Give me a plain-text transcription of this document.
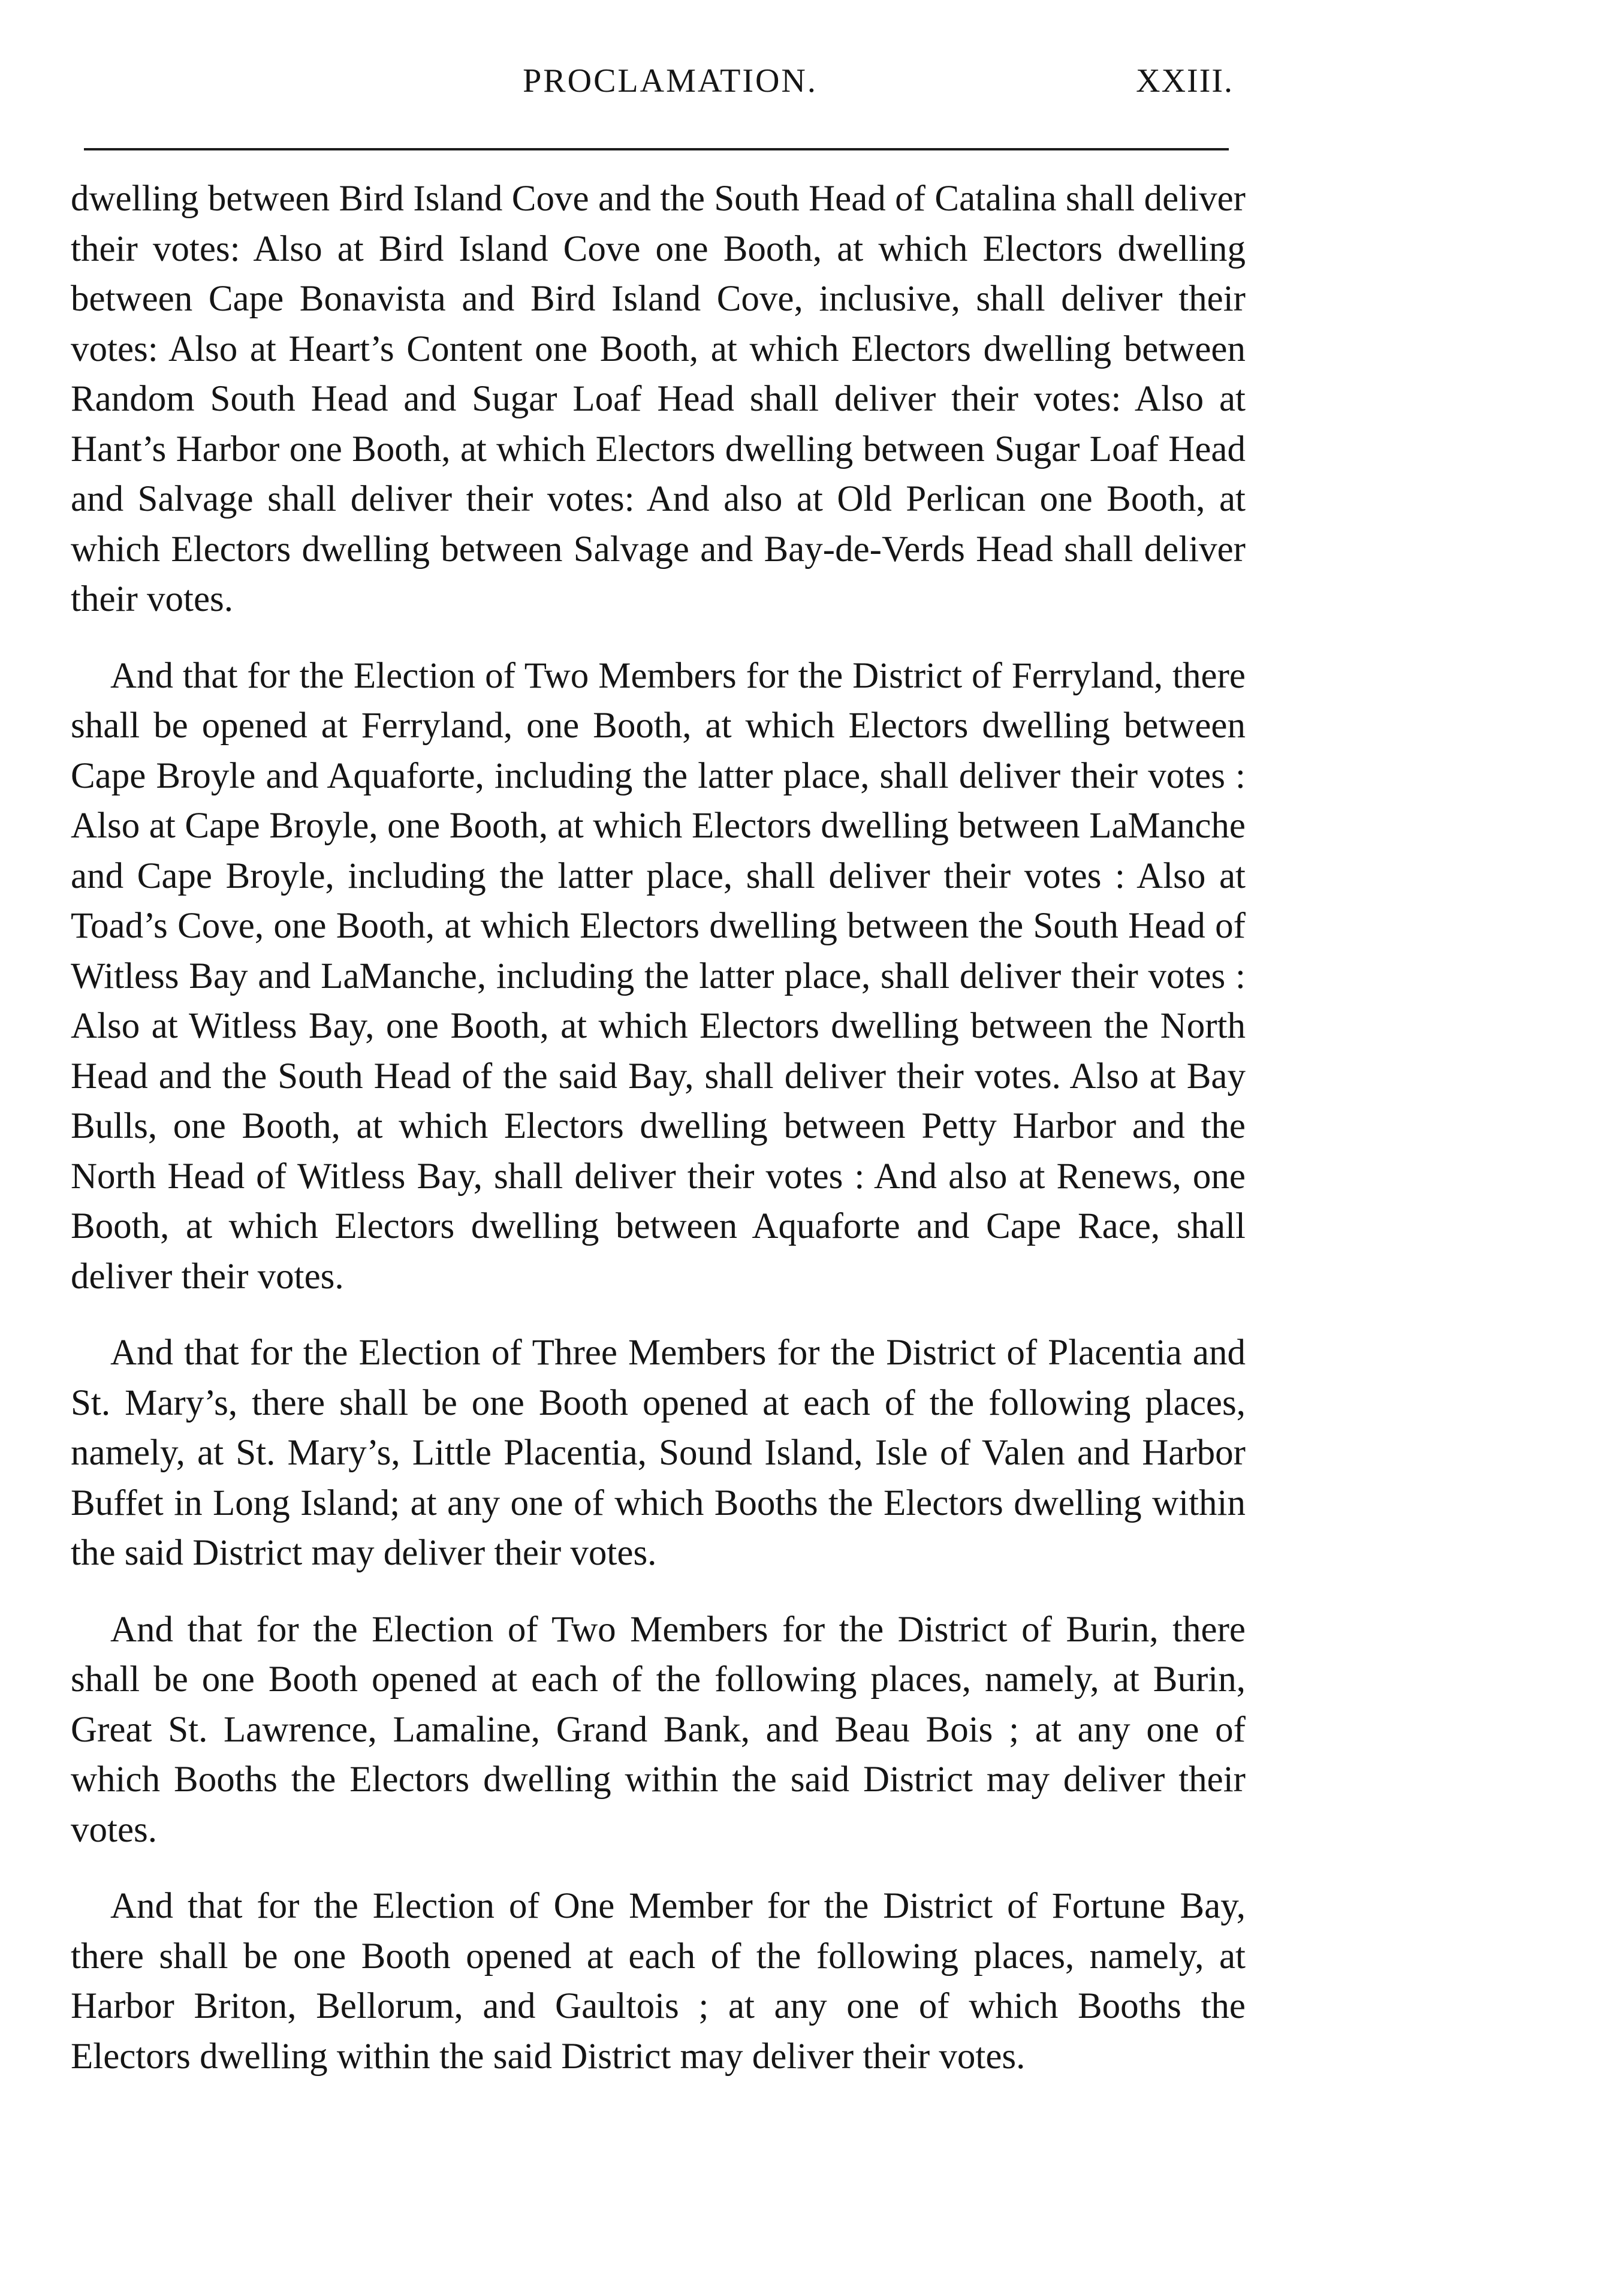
PROCLAMATION.	XXIII.

dwelling between Bird Island Cove and the South Head of Catalina shall deliver their votes: Also at Bird Island Cove one Booth, at which Electors dwelling between Cape Bonavista and Bird Island Cove, inclusive, shall deliver their votes: Also at Heart’s Content one Booth, at which Electors dwelling between Random South Head and Sugar Loaf Head shall deliver their votes: Also at Hant’s Harbor one Booth, at which Electors dwelling between Sugar Loaf Head and Salvage shall deliver their votes: And also at Old Perlican one Booth, at which Electors dwelling between Salvage and Bay-de-Verds Head shall deliver their votes.

And that for the Election of Two Members for the District of Ferryland, there shall be opened at Ferryland, one Booth, at which Electors dwelling between Cape Broyle and Aquaforte, including the latter place, shall deliver their votes : Also at Cape Broyle, one Booth, at which Electors dwelling between LaManche and Cape Broyle, including the latter place, shall deliver their votes : Also at Toad’s Cove, one Booth, at which Electors dwelling between the South Head of Witless Bay and LaManche, including the latter place, shall deliver their votes : Also at Witless Bay, one Booth, at which Electors dwelling between the North Head and the South Head of the said Bay, shall deliver their votes. Also at Bay Bulls, one Booth, at which Electors dwelling between Petty Harbor and the North Head of Witless Bay, shall deliver their votes : And also at Renews, one Booth, at which Electors dwelling between Aquaforte and Cape Race, shall deliver their votes.

And that for the Election of Three Members for the District of Placentia and St. Mary’s, there shall be one Booth opened at each of the following places, namely, at St. Mary’s, Little Placentia, Sound Island, Isle of Valen and Harbor Buffet in Long Island; at any one of which Booths the Electors dwelling within the said District may deliver their votes.

And that for the Election of Two Members for the District of Burin, there shall be one Booth opened at each of the following places, namely, at Burin, Great St. Lawrence, Lamaline, Grand Bank, and Beau Bois ; at any one of which Booths the Electors dwelling within the said District may deliver their votes.

And that for the Election of One Member for the District of Fortune Bay, there shall be one Booth opened at each of the following places, namely, at Harbor Briton, Bellorum, and Gaultois ; at any one of which Booths the Electors dwelling within the said District may deliver their votes.
